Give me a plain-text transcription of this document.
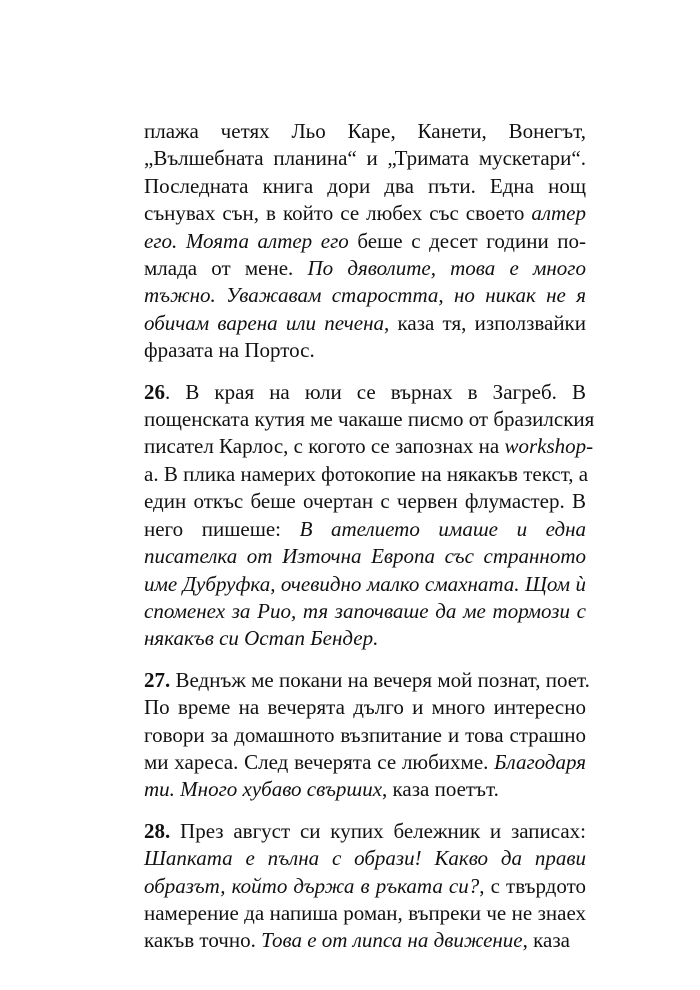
плажа четях Льо Каре, Канети, Вонегът,
„Вълшебната планина“ и „Тримата мускетари“.
Последната книга дори два пъти. Една нощ
сънувах сън, в който се любех със своето алтер
его. Моята алтер его беше с десет години по-
млада от мене. По дяволите, това е много
тъжно. Уважавам старостта, но никак не я
обичам варена или печена, каза тя, използвайки
фразата на Портос.
26. В края на юли се върнах в Загреб. В
пощенската кутия ме чакаше писмо от бразилския
писател Карлос, с когото се запознах на workshop-
а. В плика намерих фотокопие на някакъв текст, а
един откъс беше очертан с червен флумастер. В
него пишеше: В ателието имаше и една
писателка от Източна Европа със странното
име Дубруфка, очевидно малко смахната. Щом ѝ
споменех за Рио, тя започваше да ме тормози с
някакъв си Остап Бендер.
27. Веднъж ме покани на вечеря мой познат, поет.
По време на вечерята дълго и много интересно
говори за домашното възпитание и това страшно
ми хареса. След вечерята се любихме. Благодаря
ти. Много хубаво свърших, каза поетът.
28. През август си купих бележник и записах:
Шапката е пълна с образи! Какво да прави
образът, който държа в ръката си?, с твърдото
намерение да напиша роман, въпреки че не знаех
какъв точно. Това е от липса на движение, каза
